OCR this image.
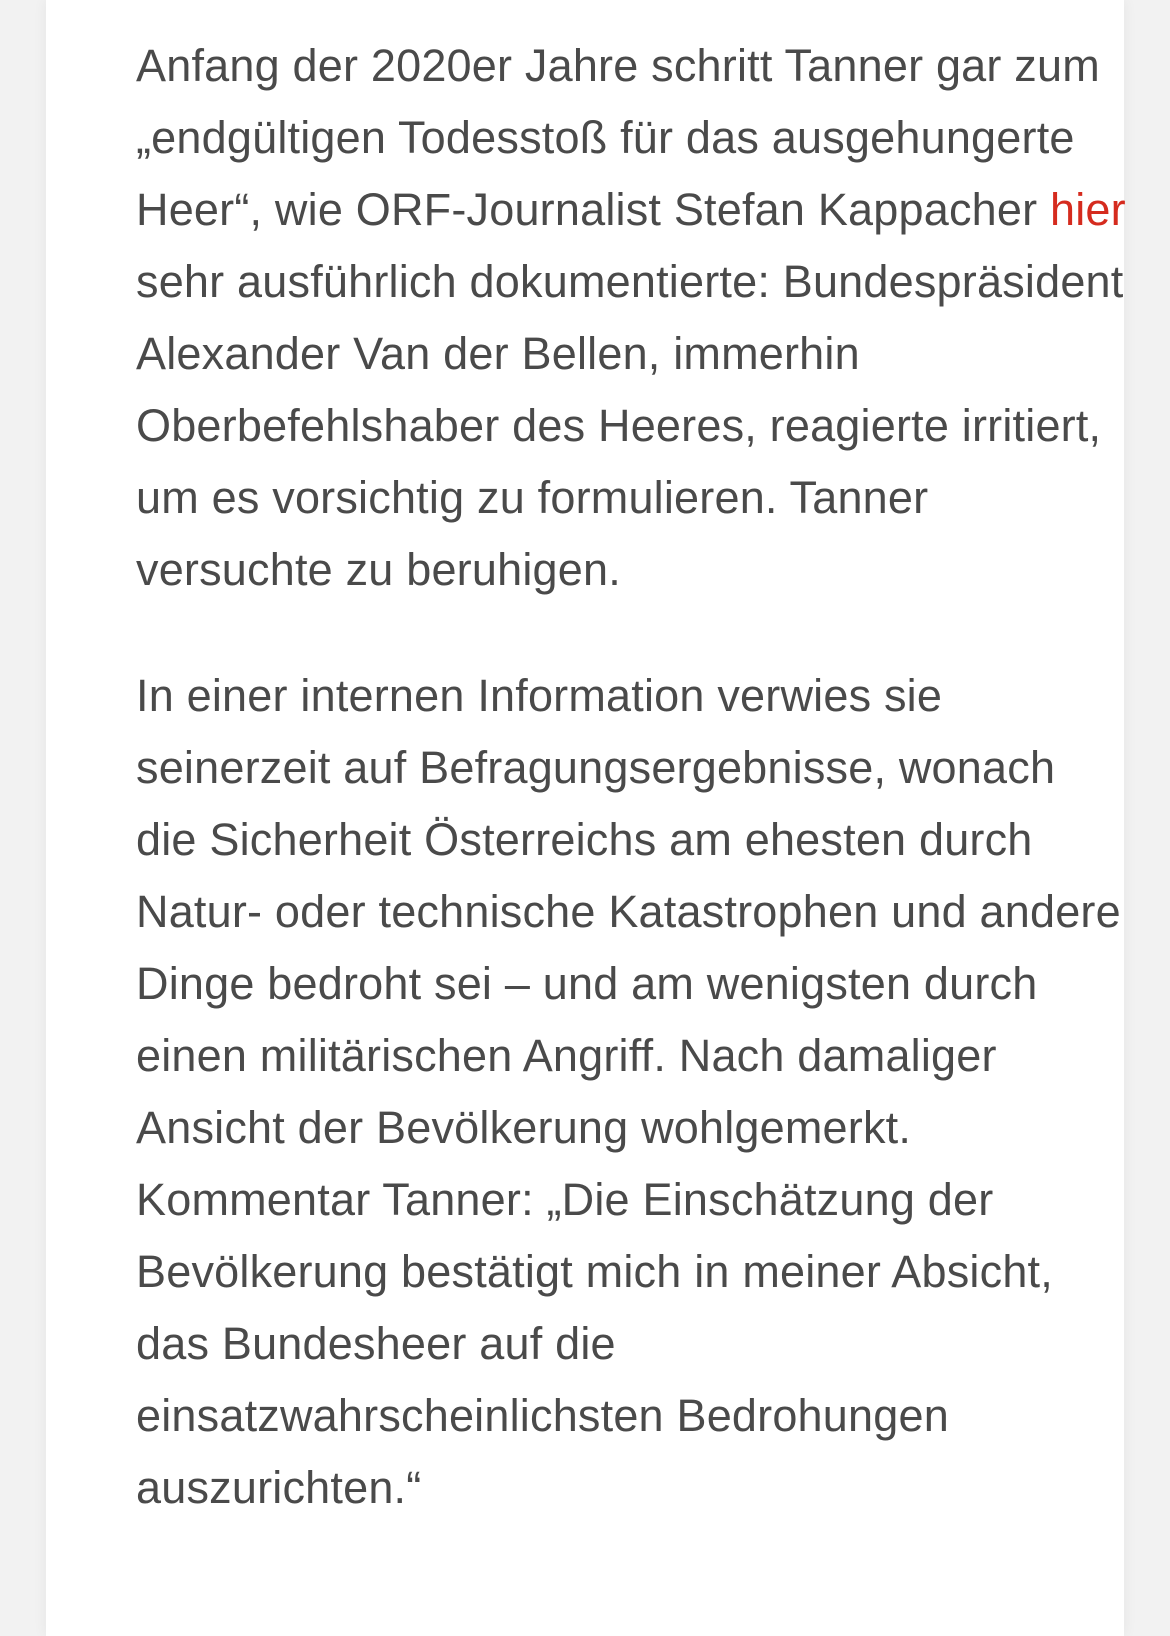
Anfang der 2020er Jahre schritt Tanner gar zum „endgültigen Todesstoß für das ausgehungerte Heer“, wie ORF-Journalist Stefan Kappacher hier sehr ausführlich dokumentierte: Bundespräsident Alexander Van der Bellen, immerhin Oberbefehlshaber des Heeres, reagierte irritiert, um es vorsichtig zu formulieren. Tanner versuchte zu beruhigen.

In einer internen Information verwies sie seinerzeit auf Befragungsergebnisse, wonach die Sicherheit Österreichs am ehesten durch Natur- oder technische Katastrophen und andere Dinge bedroht sei – und am wenigsten durch einen militärischen Angriff. Nach damaliger Ansicht der Bevölkerung wohlgemerkt. Kommentar Tanner: „Die Einschätzung der Bevölkerung bestätigt mich in meiner Absicht, das Bundesheer auf die einsatzwahrscheinlichsten Bedrohungen auszurichten.“
